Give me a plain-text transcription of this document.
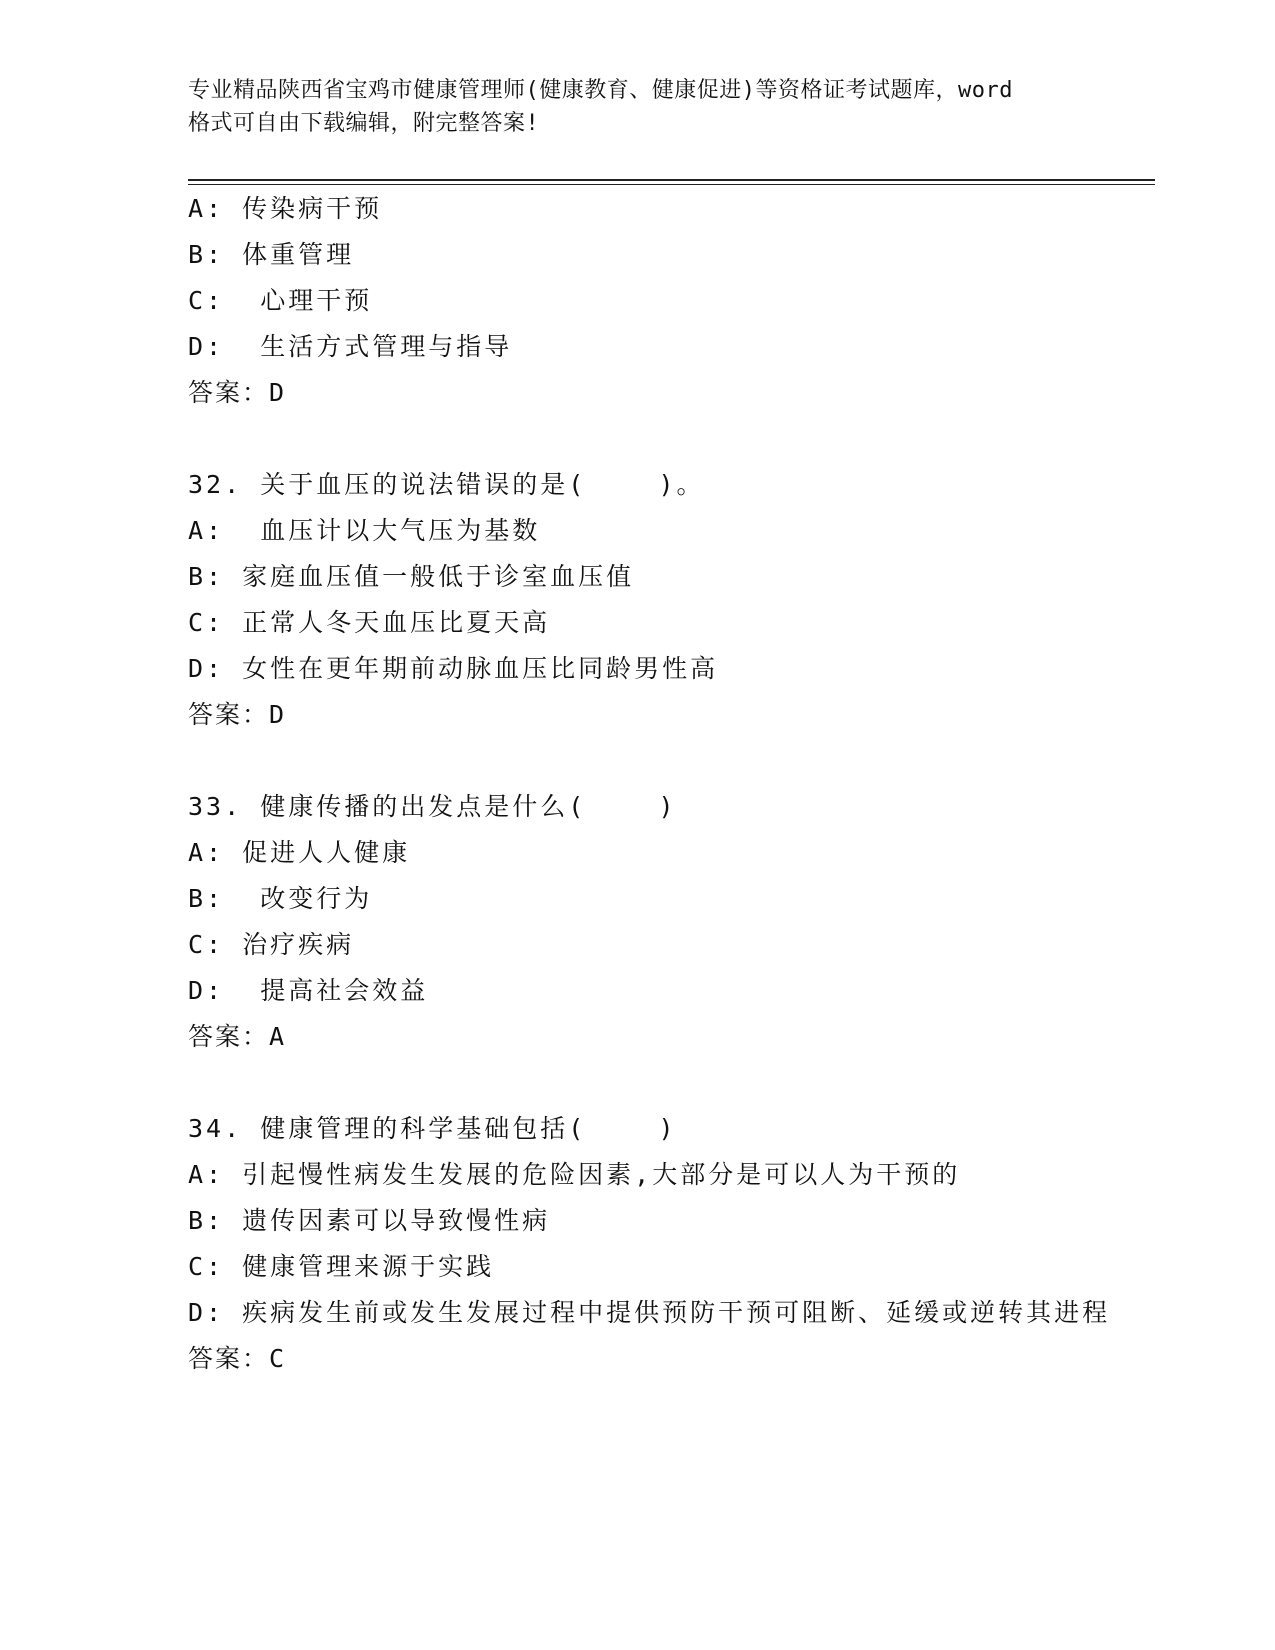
专业精品陕西省宝鸡市健康管理师(健康教育、健康促进)等资格证考试题库，word
格式可自由下载编辑，附完整答案!
A: 传染病干预
B: 体重管理
C:  心理干预
D:  生活方式管理与指导
答案：D
32. 关于血压的说法错误的是(    )。
A:  血压计以大气压为基数
B: 家庭血压值一般低于诊室血压值
C: 正常人冬天血压比夏天高
D: 女性在更年期前动脉血压比同龄男性高
答案：D
33. 健康传播的出发点是什么(    )
A: 促进人人健康
B:  改变行为
C: 治疗疾病
D:  提高社会效益
答案：A
34. 健康管理的科学基础包括(    )
A: 引起慢性病发生发展的危险因素,大部分是可以人为干预的
B: 遗传因素可以导致慢性病
C: 健康管理来源于实践
D: 疾病发生前或发生发展过程中提供预防干预可阻断、延缓或逆转其进程
答案：C
